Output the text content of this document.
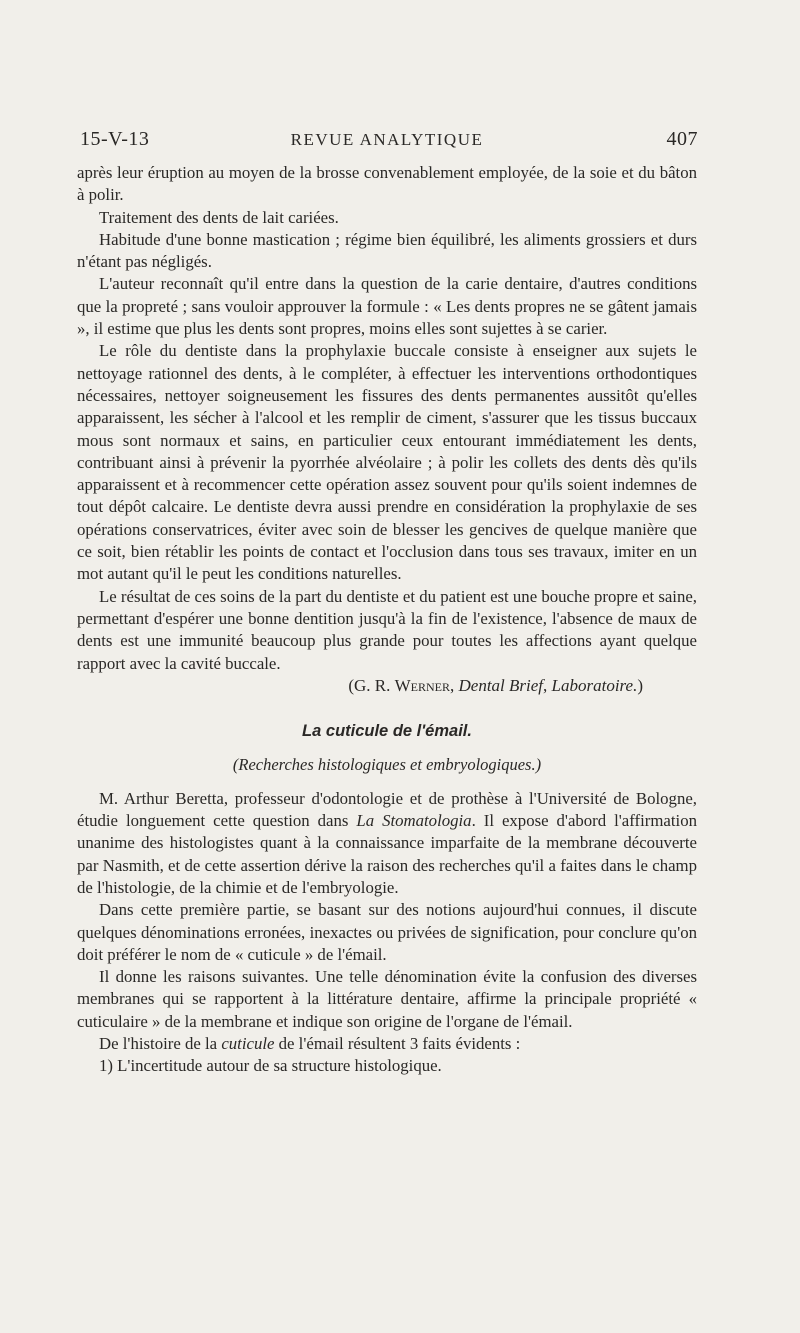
15-V-13	REVUE ANALYTIQUE	407

après leur éruption au moyen de la brosse convenablement employée, de la soie et du bâton à polir.

Traitement des dents de lait cariées.

Habitude d'une bonne mastication ; régime bien équilibré, les aliments grossiers et durs n'étant pas négligés.

L'auteur reconnaît qu'il entre dans la question de la carie dentaire, d'autres conditions que la propreté ; sans vouloir approuver la formule : « Les dents propres ne se gâtent jamais », il estime que plus les dents sont propres, moins elles sont sujettes à se carier.

Le rôle du dentiste dans la prophylaxie buccale consiste à enseigner aux sujets le nettoyage rationnel des dents, à le compléter, à effectuer les interventions orthodontiques nécessaires, nettoyer soigneusement les fissures des dents permanentes aussitôt qu'elles apparaissent, les sécher à l'alcool et les remplir de ciment, s'assurer que les tissus buccaux mous sont normaux et sains, en particulier ceux entourant immédiatement les dents, contribuant ainsi à prévenir la pyorrhée alvéolaire ; à polir les collets des dents dès qu'ils apparaissent et à recommencer cette opération assez souvent pour qu'ils soient indemnes de tout dépôt calcaire. Le dentiste devra aussi prendre en considération la prophylaxie de ses opérations conservatrices, éviter avec soin de blesser les gencives de quelque manière que ce soit, bien rétablir les points de contact et l'occlusion dans tous ses travaux, imiter en un mot autant qu'il le peut les conditions naturelles.

Le résultat de ces soins de la part du dentiste et du patient est une bouche propre et saine, permettant d'espérer une bonne dentition jusqu'à la fin de l'existence, l'absence de maux de dents est une immunité beaucoup plus grande pour toutes les affections ayant quelque rapport avec la cavité buccale.

(G. R. Werner, Dental Brief, Laboratoire.)
La cuticule de l'émail.
(Recherches histologiques et embryologiques.)

M. Arthur Beretta, professeur d'odontologie et de prothèse à l'Université de Bologne, étudie longuement cette question dans La Stomatologia. Il expose d'abord l'affirmation unanime des histologistes quant à la connaissance imparfaite de la membrane découverte par Nasmith, et de cette assertion dérive la raison des recherches qu'il a faites dans le champ de l'histologie, de la chimie et de l'embryologie.

Dans cette première partie, se basant sur des notions aujourd'hui connues, il discute quelques dénominations erronées, inexactes ou privées de signification, pour conclure qu'on doit préférer le nom de « cuticule » de l'émail.

Il donne les raisons suivantes. Une telle dénomination évite la confusion des diverses membranes qui se rapportent à la littérature dentaire, affirme la principale propriété « cuticulaire » de la membrane et indique son origine de l'organe de l'émail.

De l'histoire de la cuticule de l'émail résultent 3 faits évidents :

1) L'incertitude autour de sa structure histologique.
